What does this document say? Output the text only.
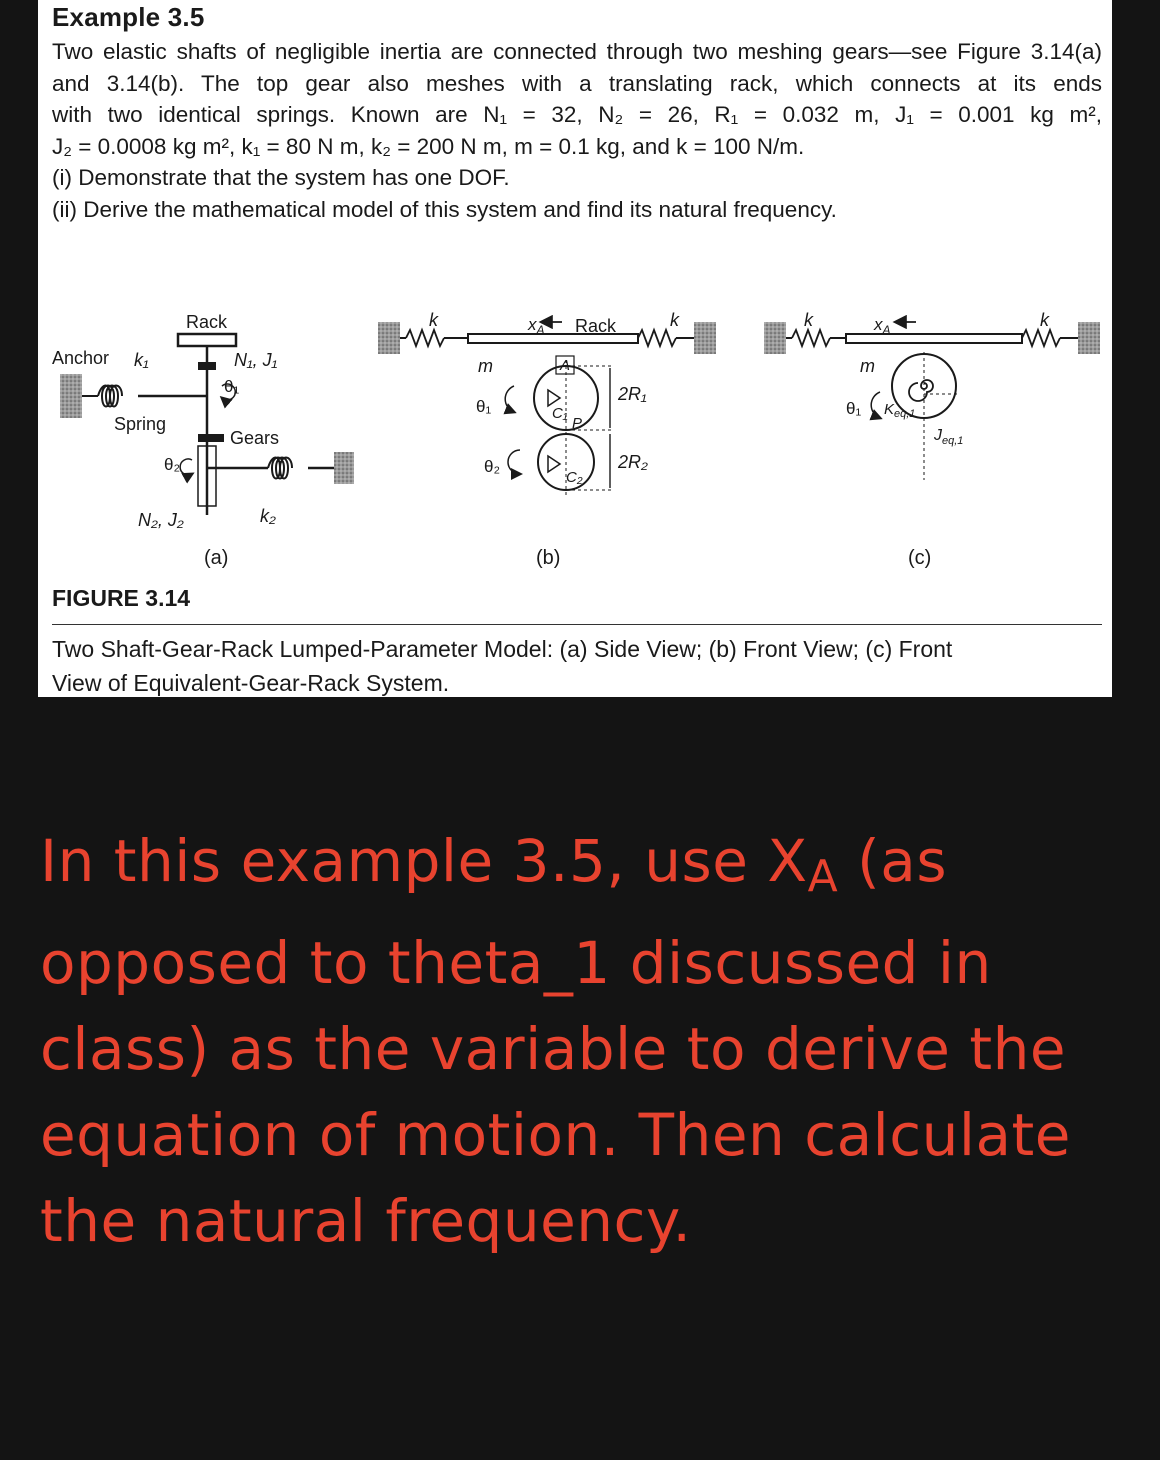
Example 3.5
Two elastic shafts of negligible inertia are connected through two meshing gears—see Figure 3.14(a)
and 3.14(b). The top gear also meshes with a translating rack, which connects at its ends
with two identical springs. Known are N₁ = 32, N₂ = 26, R₁ = 0.032 m, J₁ = 0.001 kg m²,
J₂ = 0.0008 kg m², k₁ = 80 N m, k₂ = 200 N m, m = 0.1 kg, and k = 100 N/m.
(i) Demonstrate that the system has one DOF.
(ii) Derive the mathematical model of this system and find its natural frequency.
Rack
Anchor k₁	N₁, J₁
θ₁
Spring
Gears
θ₂
N₂, J₂	k₂
(a)
k	$x_A$ Rack	k
m	A
C₁
P
C₂
2R₁
2R₂
θ₁
θ₂
(b)
k	$x_A$	k
m
$K_{eq,1}$
θ₁
$J_{eq,1}$
(c)
FIGURE 3.14
Two Shaft-Gear-Rack Lumped-Parameter Model: (a) Side View; (b) Front View; (c) Front
View of Equivalent-Gear-Rack System.
In this example 3.5, use $X_A$ (as opposed to theta_1 discussed in class) as the variable to derive the equation of motion. Then calculate the natural frequency.
